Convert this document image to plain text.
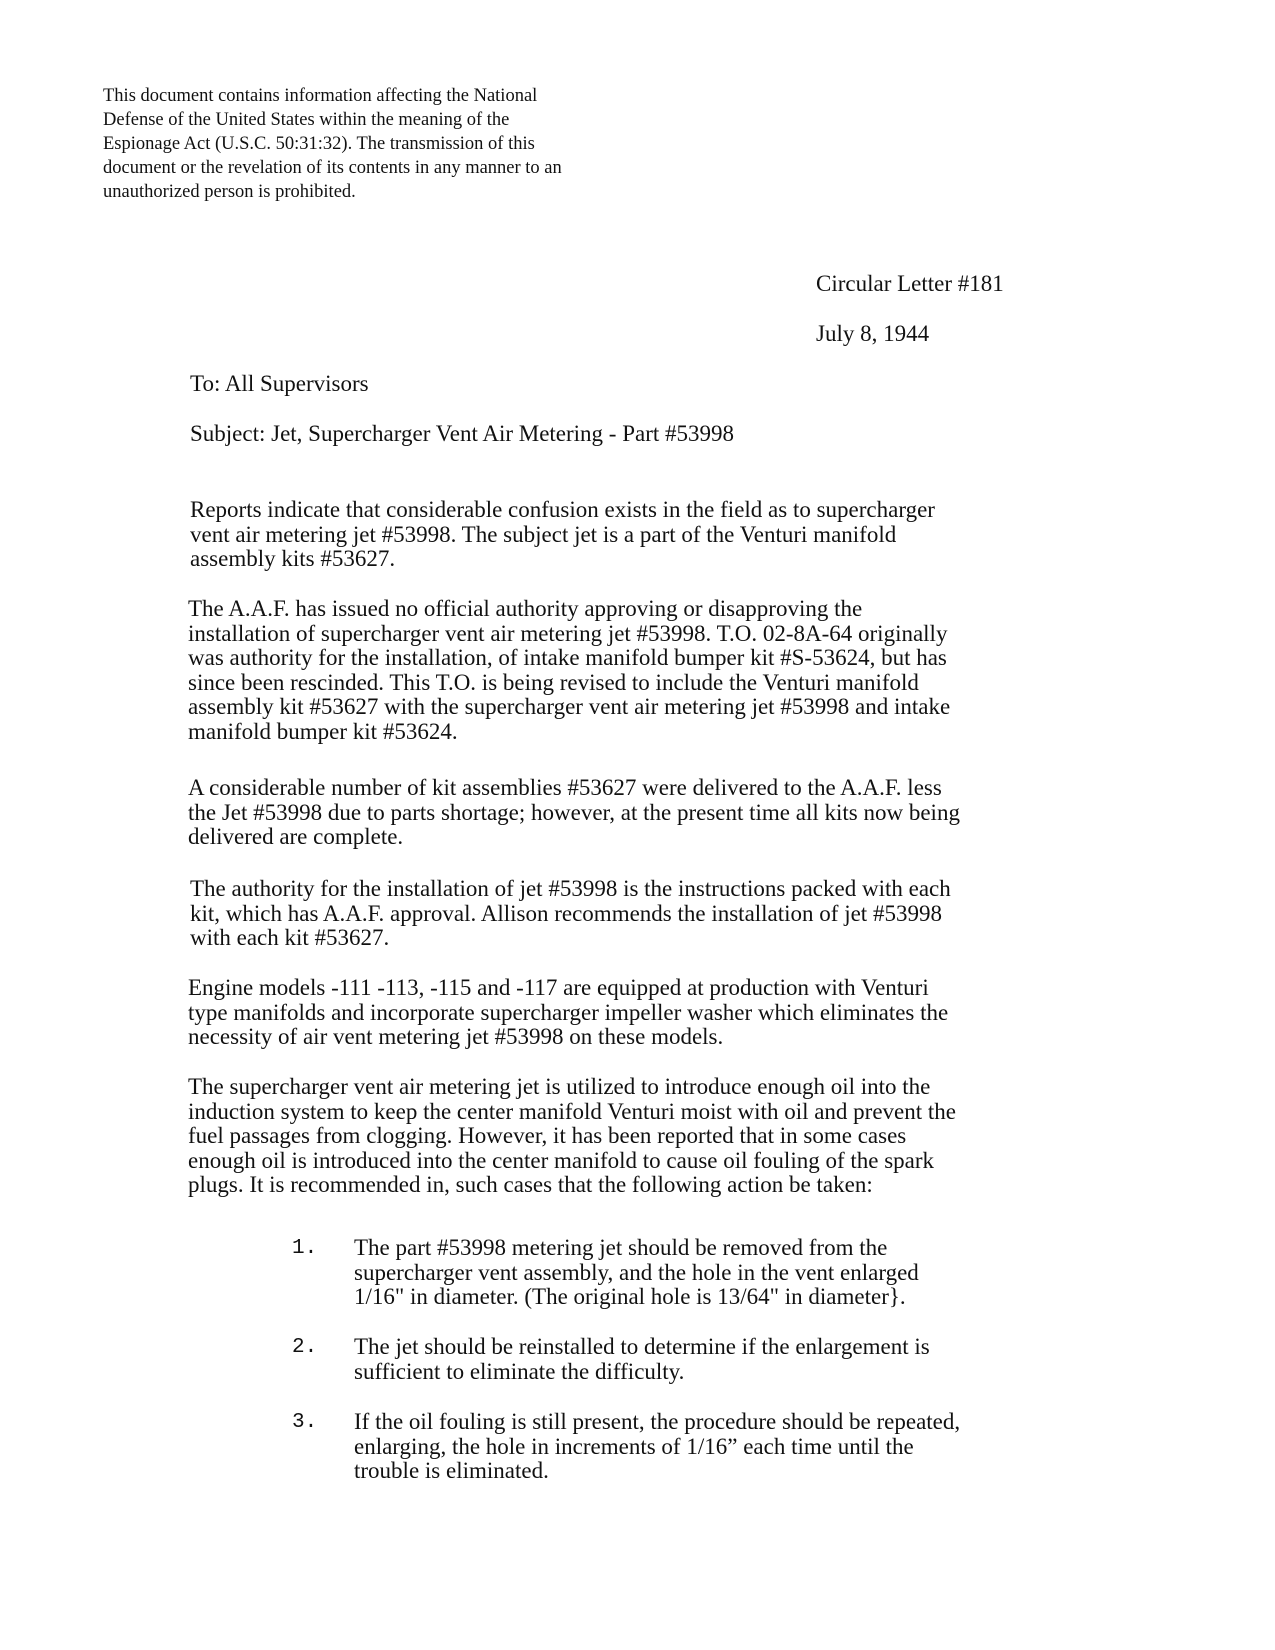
This document contains information affecting the National

Defense of the United States within the meaning of the

Espionage Act (U.S.C. 50:31:32). The transmission of this

document or the revelation of its contents in any manner to an

unauthorized person is prohibited.

Circular Letter #181
July 8, 1944
To: All Supervisors
Subject: Jet, Supercharger Vent Air Metering - Part #53998
Reports indicate that considerable confusion exists in the field as to supercharger
vent air metering jet #53998. The subject jet is a part of the Venturi manifold
assembly kits #53627.
The A.A.F. has issued no official authority approving or disapproving the
installation of supercharger vent air metering jet #53998. T.O. 02-8A-64 originally
was authority for the installation, of intake manifold bumper kit #S-53624, but has
since been rescinded. This T.O. is being revised to include the Venturi manifold
assembly kit #53627 with the supercharger vent air metering jet #53998 and intake
manifold bumper kit #53624.
A considerable number of kit assemblies #53627 were delivered to the A.A.F. less
the Jet #53998 due to parts shortage; however, at the present time all kits now being
delivered are complete.
The authority for the installation of jet #53998 is the instructions packed with each
kit, which has A.A.F. approval. Allison recommends the installation of jet #53998
with each kit #53627.
Engine models -111 -113, -115 and -117 are equipped at production with Venturi
type manifolds and incorporate supercharger impeller washer which eliminates the
necessity of air vent metering jet #53998 on these models.
The supercharger vent air metering jet is utilized to introduce enough oil into the
induction system to keep the center manifold Venturi moist with oil and prevent the
fuel passages from clogging. However, it has been reported that in some cases
enough oil is introduced into the center manifold to cause oil fouling of the spark
plugs. It is recommended in, such cases that the following action be taken:
1. The part #53998 metering jet should be removed from the
supercharger vent assembly, and the hole in the vent enlarged
1/16" in diameter. (The original hole is 13/64" in diameter}.
2. The jet should be reinstalled to determine if the enlargement is
sufficient to eliminate the difficulty.
3. If the oil fouling is still present, the procedure should be repeated,
enlarging, the hole in increments of 1/16” each time until the
trouble is eliminated.
